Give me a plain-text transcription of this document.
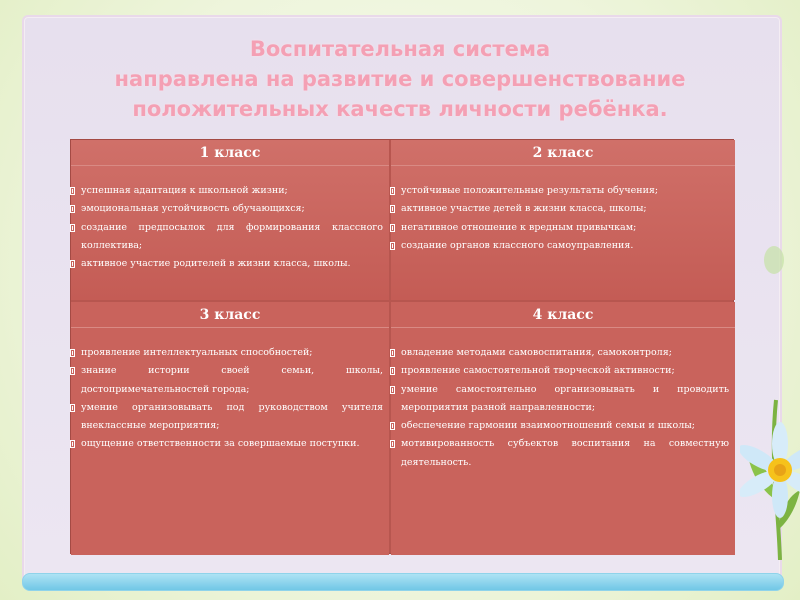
Воспитательная система
направлена на развитие и совершенствование
положительных качеств личности ребёнка.
1 класс
успешная адаптация к школьной жизни;
эмоциональная устойчивость обучающихся;
создание предпосылок для формирования классного коллектива;
активное участие родителей в жизни класса, школы.
2 класс
устойчивые положительные результаты обучения;
активное участие детей в жизни класса, школы;
негативное отношение к вредным привычкам;
создание органов классного самоуправления.
3 класс
проявление интеллектуальных способностей;
знание истории своей семьи, школы, достопримечательностей города;
умение организовывать под руководством учителя внеклассные мероприятия;
ощущение ответственности за совершаемые поступки.
4 класс
овладение методами самовоспитания, самоконтроля;
проявление самостоятельной творческой активности;
умение самостоятельно организовывать и проводить мероприятия разной направленности;
обеспечение гармонии взаимоотношений семьи и школы;
мотивированность субъектов воспитания на совместную деятельность.
